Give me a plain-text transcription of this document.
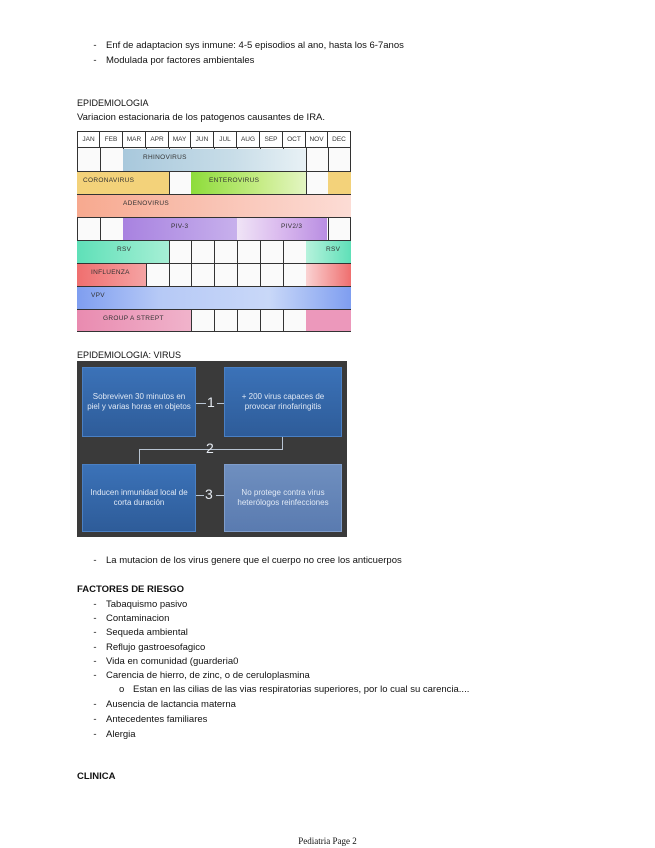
- Enf de adaptacion sys inmune: 4-5 episodios al ano, hasta los 6-7anos
- Modulada por factores ambientales
EPIDEMIOLOGIA
Variacion estacionaria de los patogenos causantes de IRA.
JAN	FEB	MAR	APR	MAY	JUN	JUL	AUG	SEP	OCT	NOV	DEC
RHINOVIRUS
CORONAVIRUS	ENTEROVIRUS
ADENOVIRUS
PIV-3	PIV2/3
RSV	RSV
INFLUENZA
VPV
GROUP A STREPT
EPIDEMIOLOGIA: VIRUS
Sobreviven 30 minutos en piel y varias horas en objetos
+ 200 virus capaces de provocar rinofaringitis
Inducen inmunidad local de corta duración
No protege contra virus heterólogos reinfecciones
1
2
3
- La mutacion de los virus genere que el cuerpo no cree los anticuerpos
FACTORES DE RIESGO
- Tabaquismo pasivo
- Contaminacion
- Sequeda ambiental
- Reflujo gastroesofagico
- Vida en comunidad (guarderia0
- Carencia de hierro, de zinc, o de ceruloplasmina
o Estan en las cilias de las vias respiratorias superiores, por lo cual su carencia....
- Ausencia de lactancia materna
- Antecedentes familiares
- Alergia
CLINICA
Pediatria Page 2
